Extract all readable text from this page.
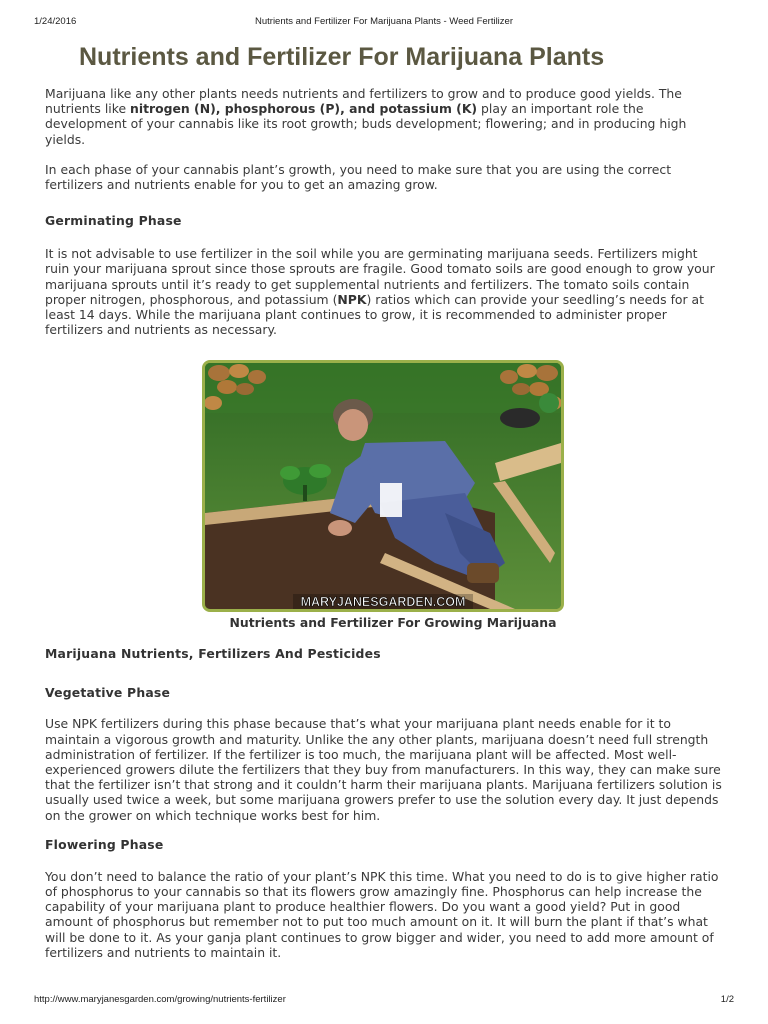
1/24/2016	Nutrients and Fertilizer For Marijuana Plants - Weed Fertilizer
Nutrients and Fertilizer For Marijuana Plants

Marijuana like any other plants needs nutrients and fertilizers to grow and to produce good yields. The nutrients like nitrogen (N), phosphorous (P), and potassium (K) play an important role the development of your cannabis like its root growth; buds development; flowering; and in producing high yields.

In each phase of your cannabis plant’s growth, you need to make sure that you are using the correct fertilizers and nutrients enable for you to get an amazing grow.

Germinating Phase

It is not advisable to use fertilizer in the soil while you are germinating marijuana seeds. Fertilizers might ruin your marijuana sprout since those sprouts are fragile. Good tomato soils are good enough to grow your marijuana sprouts until it’s ready to get supplemental nutrients and fertilizers. The tomato soils contain proper nitrogen, phosphorous, and potassium (NPK) ratios which can provide your seedling’s needs for at least 14 days. While the marijuana plant continues to grow, it is recommended to administer proper fertilizers and nutrients as necessary.

MARYJANESGARDEN.COM
Nutrients and Fertilizer For Growing Marijuana
Marijuana Nutrients, Fertilizers And Pesticides
Vegetative Phase

Use NPK fertilizers during this phase because that’s what your marijuana plant needs enable for it to maintain a vigorous growth and maturity. Unlike the any other plants, marijuana doesn’t need full strength administration of fertilizer. If the fertilizer is too much, the marijuana plant will be affected. Most well-experienced growers dilute the fertilizers that they buy from manufacturers. In this way, they can make sure that the fertilizer isn’t that strong and it couldn’t harm their marijuana plants. Marijuana fertilizers solution is usually used twice a week, but some marijuana growers prefer to use the solution every day. It just depends on the grower on which technique works best for him.

Flowering Phase

You don’t need to balance the ratio of your plant’s NPK this time. What you need to do is to give higher ratio of phosphorus to your cannabis so that its flowers grow amazingly fine. Phosphorus can help increase the capability of your marijuana plant to produce healthier flowers. Do you want a good yield? Put in good amount of phosphorus but remember not to put too much amount on it. It will burn the plant if that’s what will be done to it. As your ganja plant continues to grow bigger and wider, you need to add more amount of fertilizers and nutrients to maintain it.

http://www.maryjanesgarden.com/growing/nutrients-fertilizer	1/2
